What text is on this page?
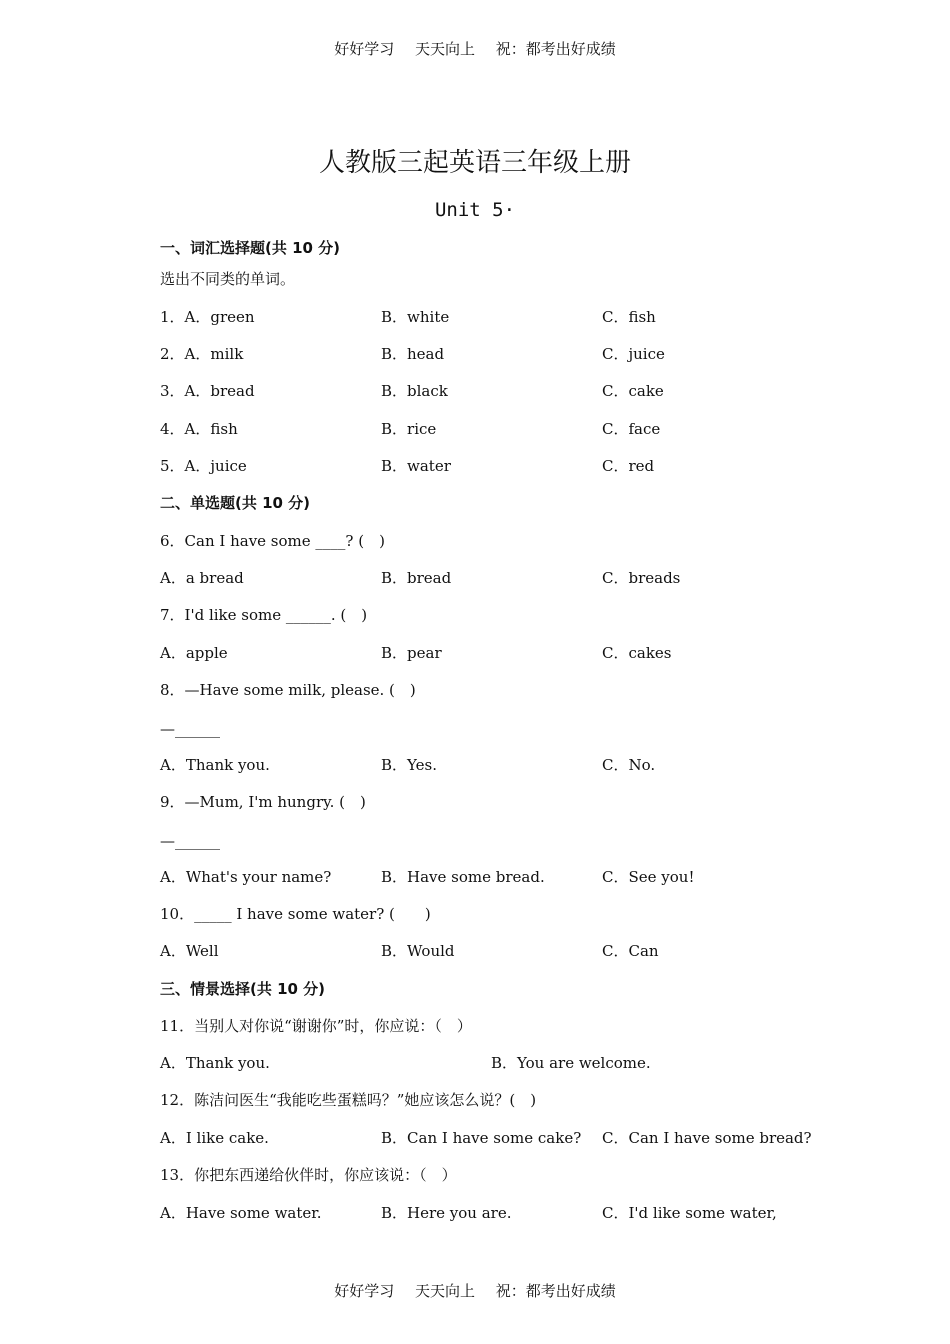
好好学习 天天向上 祝：都考出好成绩
人教版三起英语三年级上册
Unit 5·
一、词汇选择题(共 10 分)
选出不同类的单词。
1．A．green	B．white	C．fish
2．A．milk	B．head	C．juice
3．A．bread	B．black	C．cake
4．A．fish	B．rice	C．face
5．A．juice	B．water	C．red
二、单选题(共 10 分)
6．Can I have some ____? (　)
A．a bread	B．bread	C．breads
7．I'd like some ______. (　)
A．apple	B．pear	C．cakes
8．—Have some milk, please. (　)
—______
A．Thank you.	B．Yes.	C．No.
9．—Mum, I'm hungry. (　)
—______
A．What's your name?	B．Have some bread.	C．See you!
10．_____ I have some water? (　　)
A．Well	B．Would	C．Can
三、情景选择(共 10 分)
11．当别人对你说“谢谢你”时，你应说：（　）
A．Thank you.	B．You are welcome.
12．陈洁问医生“我能吃些蛋糕吗？”她应该怎么说？(　)
A．I like cake.	B．Can I have some cake? C．Can I have some bread?
13．你把东西递给伙伴时，你应该说：（　）
A．Have some water.	B．Here you are.	C．I'd like some water,
好好学习 天天向上 祝：都考出好成绩
